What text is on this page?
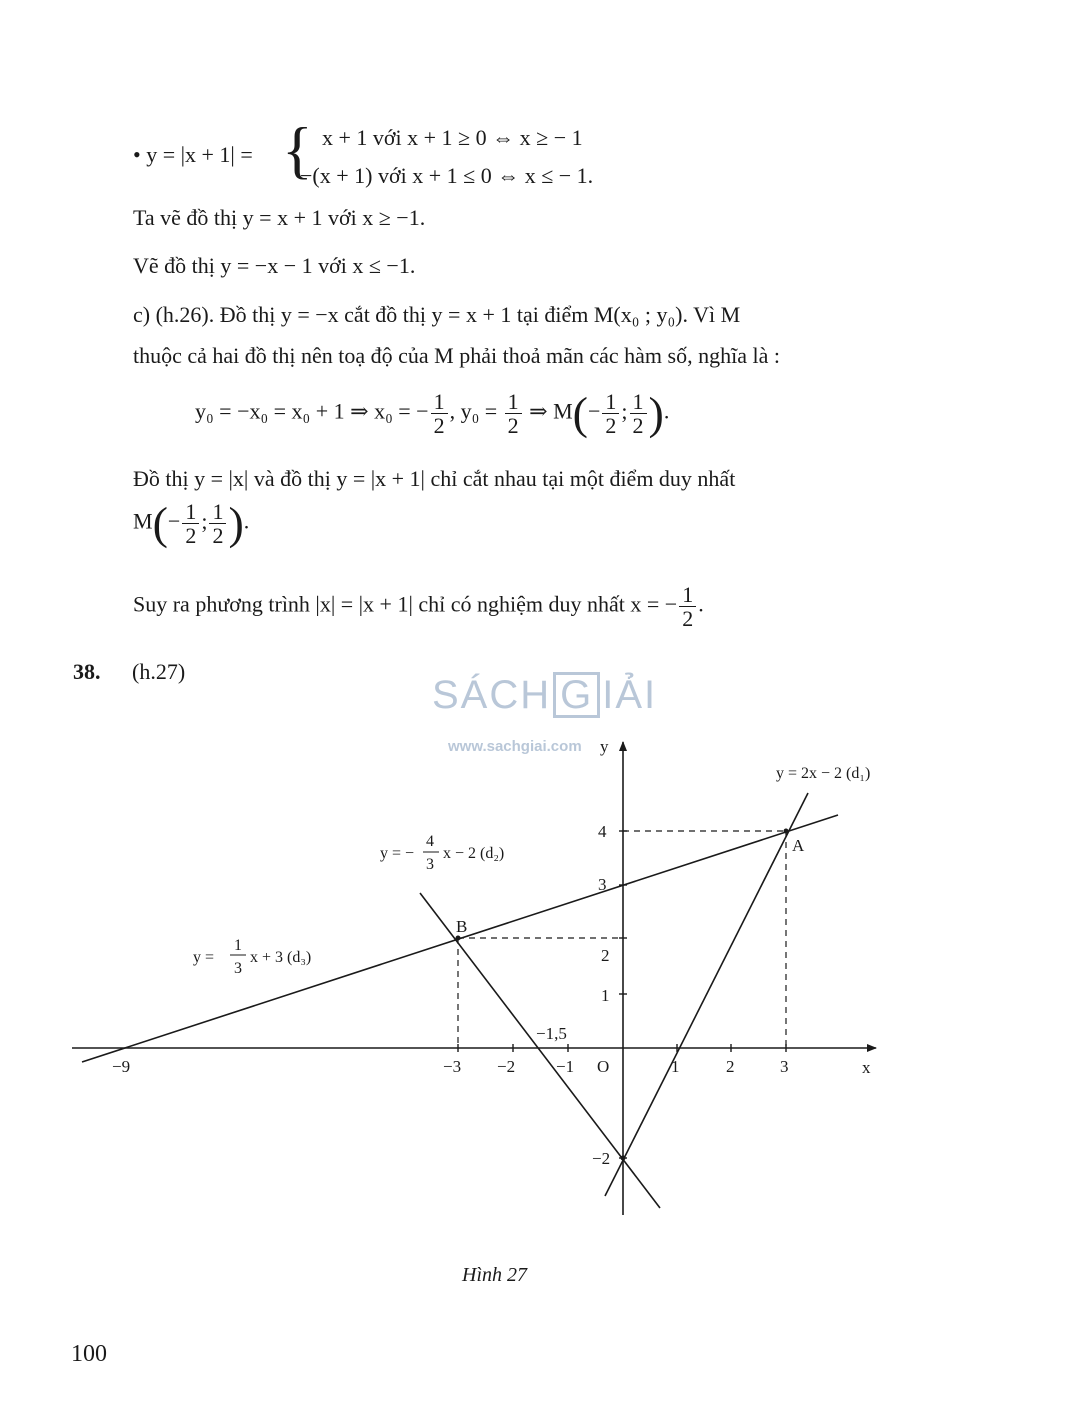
• y = |x + 1| = { x + 1 với x + 1 ≥ 0 ⇔ x ≥ − 1
−(x + 1) với x + 1 ≤ 0 ⇔ x ≤ − 1.
Ta vẽ đồ thị y = x + 1 với x ≥ −1.
Vẽ đồ thị y = −x − 1 với x ≤ −1.
c) (h.26). Đồ thị y = −x cắt đồ thị y = x + 1 tại điểm M(x₀ ; y₀). Vì M
thuộc cả hai đồ thị nên toạ độ của M phải thoả mãn các hàm số, nghĩa là :
y₀ = −x₀ = x₀ + 1 ⇒ x₀ = − $\frac{1}{2}$ , $y_0 = \frac{1}{2}$ ⇒ $M(- \frac{1}{2}$ ; $\frac{1}{2}$ ).
Đồ thị y = |x| và đồ thị y = |x + 1| chỉ cắt nhau tại một điểm duy nhất
$M(- \frac{1}{2}$ ; $\frac{1}{2}$ ).
Suy ra phương trình |x| = |x + 1| chỉ có nghiệm duy nhất x = − $\frac{1}{2}$ .
38. (h.27)
SÁCH G IẢI
www.sachgiai.com
−9	−3 −2 −1	1	2	3
−1,5
O	x
y
4
3
2
1
−2
A
B
y = 2x − 2 (d₁)
y = −
4
3
x − 2 (d₂)
y =
1
3
x + 3 (d₃)
Hình 27
100
